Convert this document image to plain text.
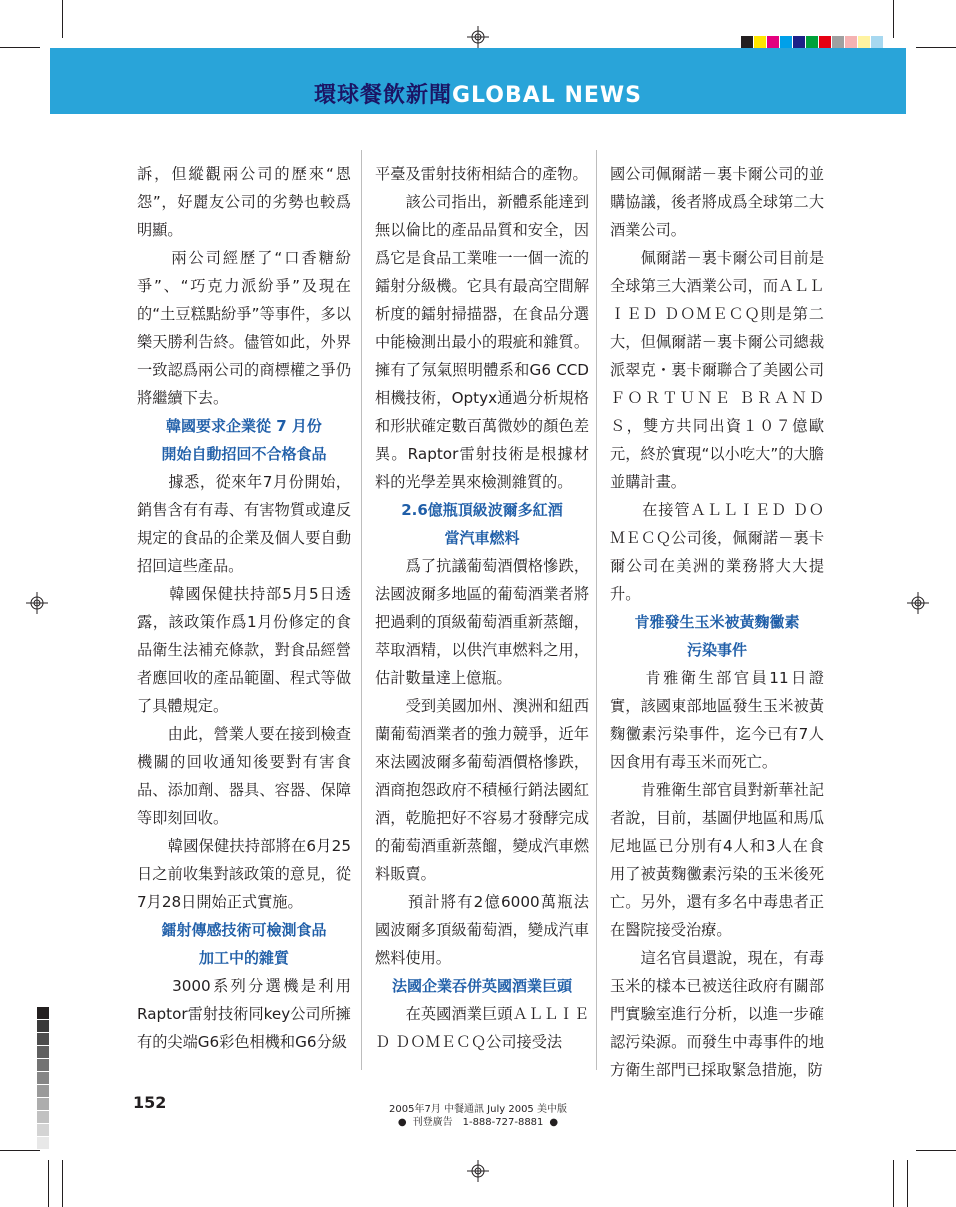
環球餐飲新聞GLOBAL NEWS

訴，但縱觀兩公司的歷來“恩怨”，好麗友公司的劣勢也較爲明顯。

　　兩公司經歷了“口香糖紛爭”、“巧克力派紛爭”及現在的“土豆糕點紛爭”等事件，多以樂天勝利告終。儘管如此，外界一致認爲兩公司的商標權之爭仍將繼續下去。

韓國要求企業從 7 月份
開始自動招回不合格食品

　　據悉，從來年7月份開始，銷售含有有毒、有害物質或違反規定的食品的企業及個人要自動招回這些產品。

　　韓國保健扶持部5月5日透露，該政策作爲1月份修定的食品衛生法補充條款，對食品經營者應回收的產品範圍、程式等做了具體規定。

　　由此，營業人要在接到檢查機關的回收通知後要對有害食品、添加劑、器具、容器、保障等即刻回收。

　　韓國保健扶持部將在6月25日之前收集對該政策的意見，從7月28日開始正式實施。

鐳射傳感技術可檢測食品
加工中的雜質

　　3000系列分選機是利用Raptor雷射技術同key公司所擁有的尖端G6彩色相機和G6分級

平臺及雷射技術相結合的產物。

　　該公司指出，新體系能達到無以倫比的產品品質和安全，因爲它是食品工業唯一一個一流的鐳射分級機。它具有最高空間解析度的鐳射掃描器，在食品分選中能檢測出最小的瑕疵和雜質。擁有了氖氣照明體系和G6 CCD相機技術，Optyx通過分析規格和形狀確定數百萬微妙的顏色差異。Raptor雷射技術是根據材料的光學差異來檢測雜質的。

2.6億瓶頂級波爾多紅酒
當汽車燃料

　　爲了抗議葡萄酒價格慘跌，法國波爾多地區的葡萄酒業者將把過剩的頂級葡萄酒重新蒸餾，萃取酒精，以供汽車燃料之用，估計數量達上億瓶。

　　受到美國加州、澳洲和紐西蘭葡萄酒業者的強力競爭，近年來法國波爾多葡萄酒價格慘跌，酒商抱怨政府不積極行銷法國紅酒，乾脆把好不容易才發酵完成的葡萄酒重新蒸餾，變成汽車燃料販賣。

　　預計將有2億6000萬瓶法國波爾多頂級葡萄酒，變成汽車燃料使用。

法國企業吞併英國酒業巨頭

　　在英國酒業巨頭ＡＬＬＩＥＤ ＤＯＭＥＣＱ公司接受法

國公司佩爾諾－裏卡爾公司的並購協議，後者將成爲全球第二大酒業公司。

　　佩爾諾－裏卡爾公司目前是全球第三大酒業公司，而ＡＬＬＩＥＤ ＤＯＭＥＣＱ則是第二大，但佩爾諾－裏卡爾公司總裁派翠克・裏卡爾聯合了美國公司ＦＯＲＴＵＮＥ ＢＲＡＮＤＳ，雙方共同出資１０７億歐元，終於實現“以小吃大”的大膽並購計畫。

　　在接管ＡＬＬＩＥＤ ＤＯＭＥＣＱ公司後，佩爾諾－裏卡爾公司在美洲的業務將大大提升。

肯雅發生玉米被黃麴黴素
污染事件

　　肯雅衛生部官員11日證實，該國東部地區發生玉米被黃麴黴素污染事件，迄今已有7人因食用有毒玉米而死亡。

　　肯雅衛生部官員對新華社記者說，目前，基圖伊地區和馬瓜尼地區已分別有4人和3人在食用了被黃麴黴素污染的玉米後死亡。另外，還有多名中毒患者正在醫院接受治療。

　　這名官員還說，現在，有毒玉米的樣本已被送往政府有關部門實驗室進行分析，以進一步確認污染源。而發生中毒事件的地方衛生部門已採取緊急措施，防

152	2005年7月 中餐通訊 July 2005 美中版
● 刊登廣告　1-888-727-8881 ●
